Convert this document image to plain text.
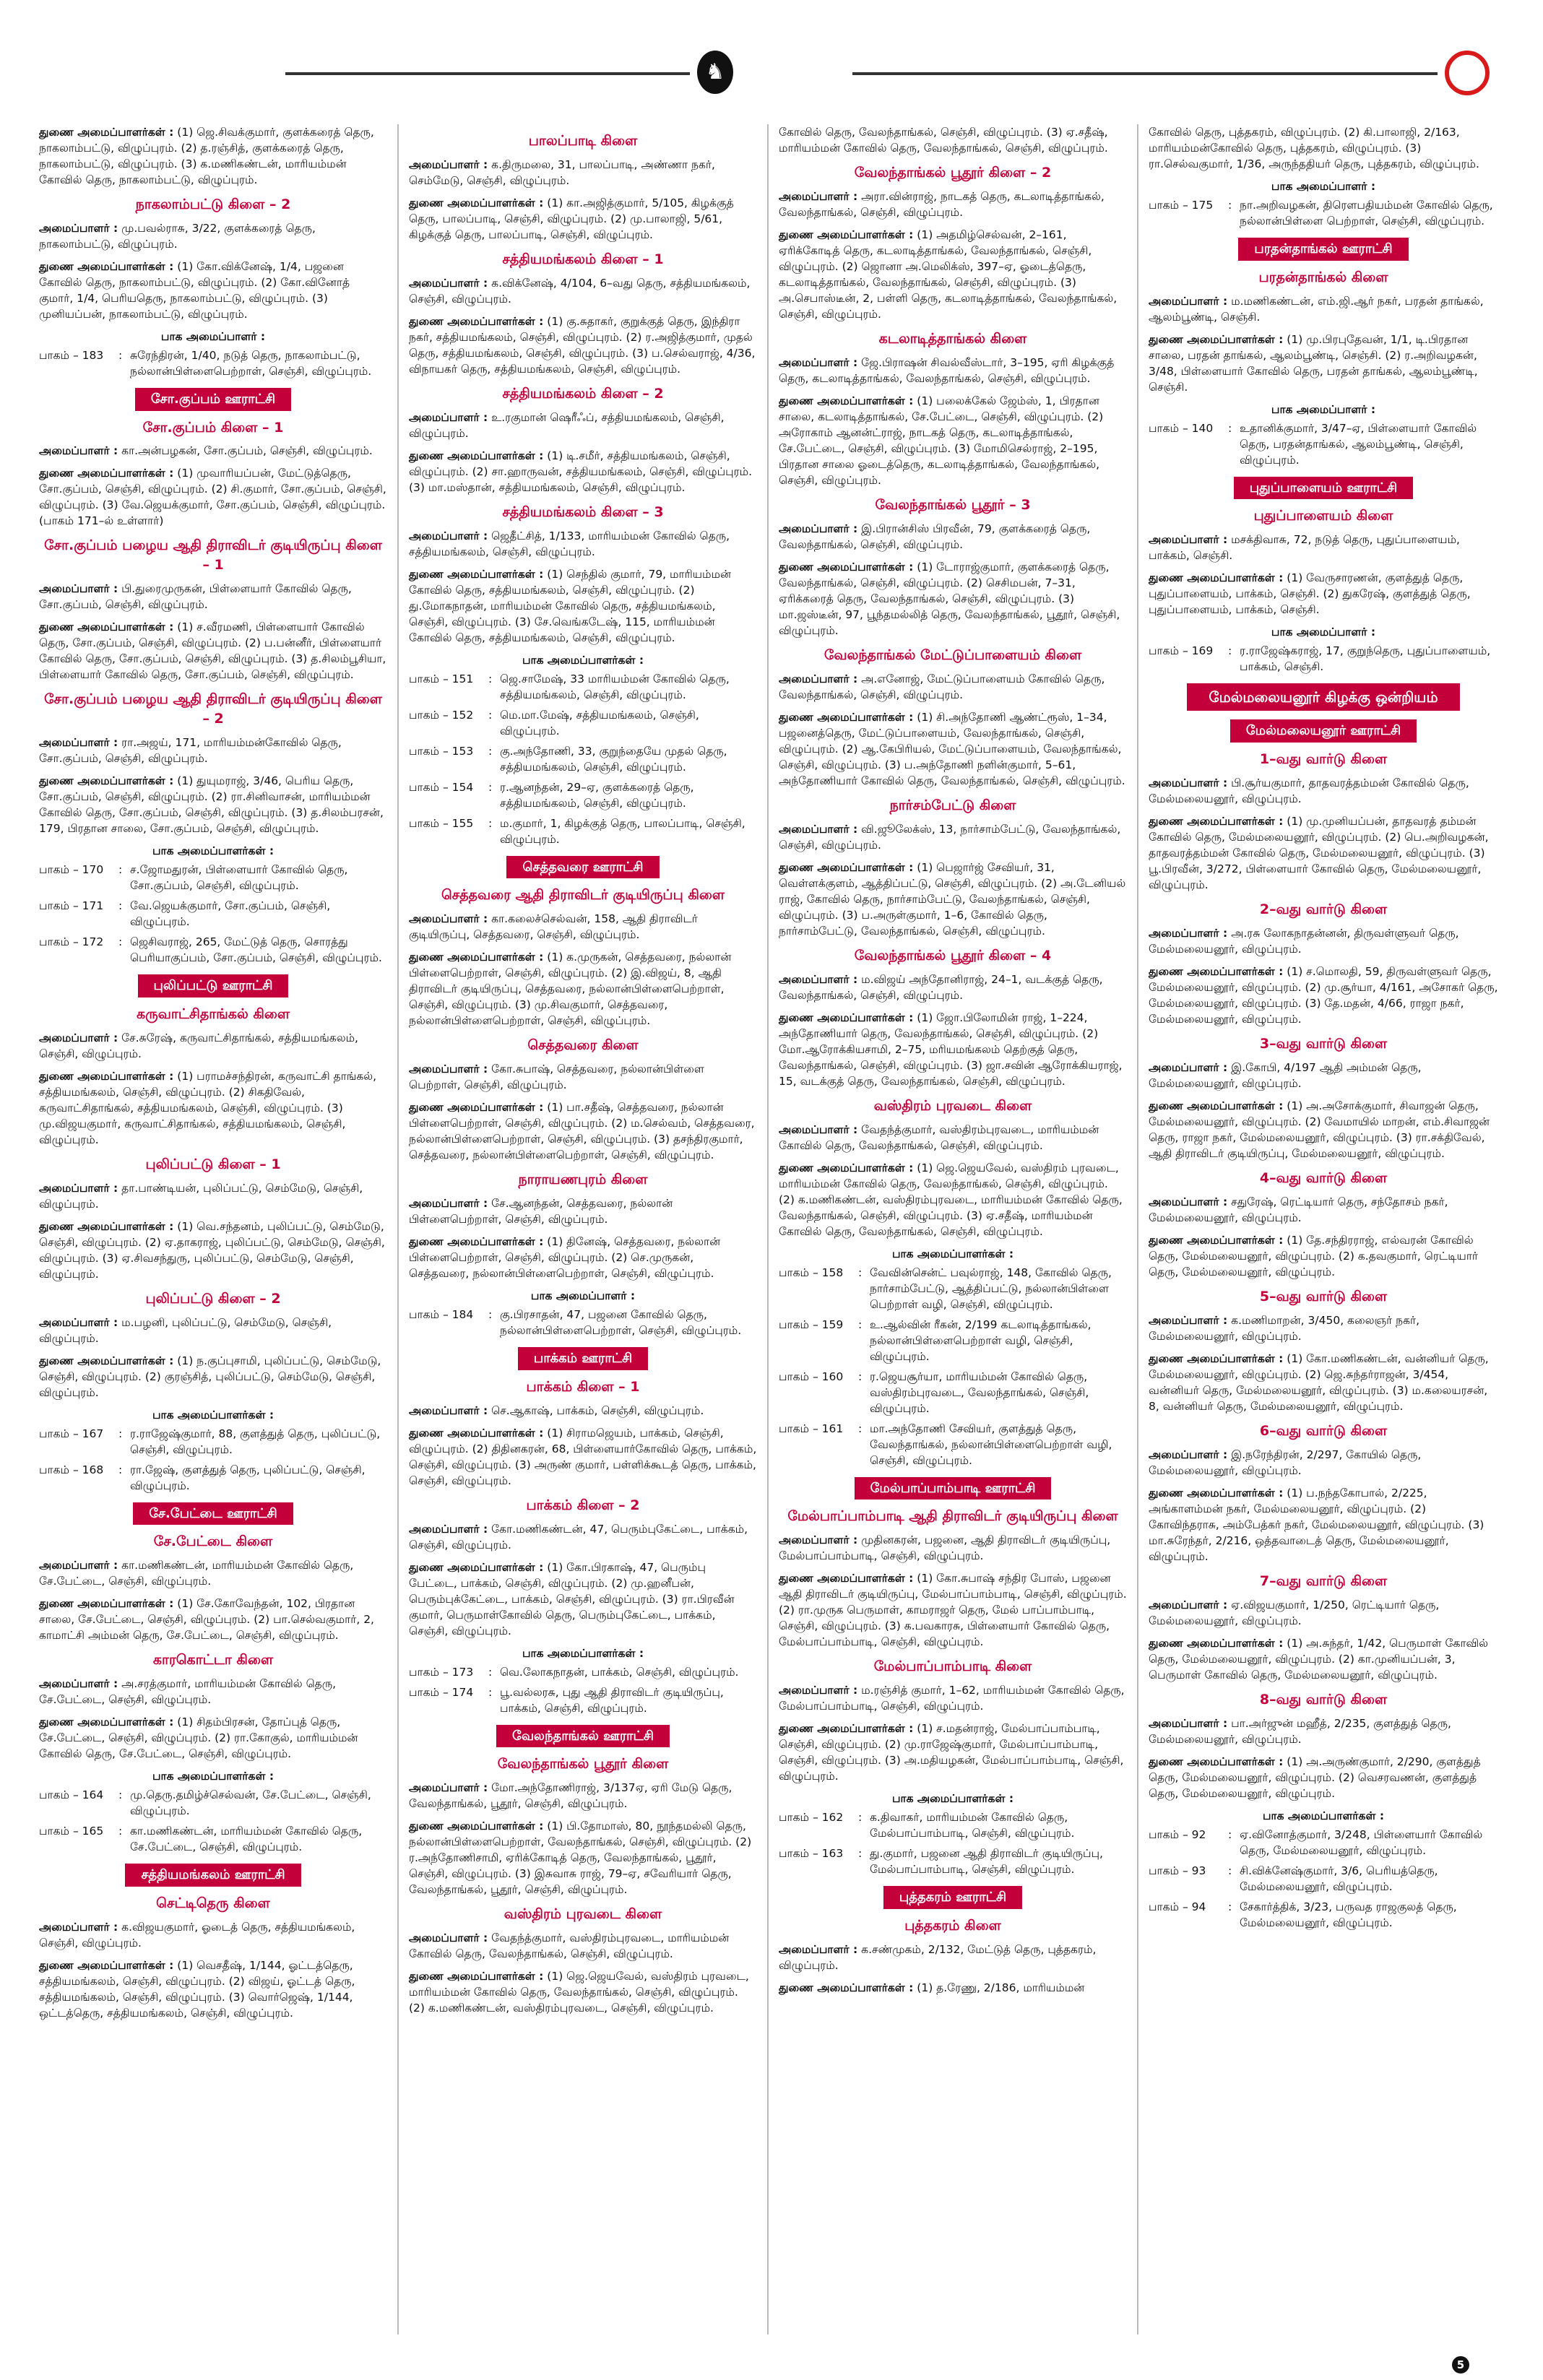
♞
துணை அமைப்பாளர்கள் : (1) ஜெ.சிவக்குமார், குளக்கரைத் தெரு, நாகலாம்பட்டு, விழுப்புரம். (2) த.ரஞ்சித், குளக்கரைத் தெரு, நாகலாம்பட்டு, விழுப்புரம். (3) க.மணிகண்டன், மாரியம்மன் கோவில் தெரு, நாகலாம்பட்டு, விழுப்புரம்.
நாகலாம்பட்டு கிளை – 2
அமைப்பாளர் : மு.பவல்ராசு, 3/22, குளக்கரைத் தெரு, நாகலாம்பட்டு, விழுப்புரம்.
துணை அமைப்பாளர்கள் : (1) கோ.விக்னேஷ், 1/4, பஜனை கோவில் தெரு, நாகலாம்பட்டு, விழுப்புரம். (2) கோ.வினோத் குமார், 1/4, பெரியதெரு, நாகலாம்பட்டு, விழுப்புரம். (3) முனியப்பன், நாகலாம்பட்டு, விழுப்புரம்.
பாக அமைப்பாளர் :
பாகம் – 183	: சுரேந்திரன், 1/40, நடுத் தெரு, நாகலாம்பட்டு, நல்லான்பிள்ளைபெற்றாள், செஞ்சி, விழுப்புரம்.
சோ.குப்பம் ஊராட்சி
சோ.குப்பம் கிளை – 1
அமைப்பாளர் : கா.அன்பழகன், சோ.குப்பம், செஞ்சி, விழுப்புரம்.
துணை அமைப்பாளர்கள் : (1) முவாரியப்பன், மேட்டுத்தெரு, சோ.குப்பம், செஞ்சி, விழுப்புரம். (2) சி.குமார், சோ.குப்பம், செஞ்சி, விழுப்புரம். (3) வே.ஜெயக்குமார், சோ.குப்பம், செஞ்சி, விழுப்புரம். (பாகம் 171–ல் உள்ளார்)
சோ.குப்பம் பழைய ஆதி திராவிடர் குடியிருப்பு கிளை – 1
அமைப்பாளர் : பி.துரைமுருகன், பிள்ளையார் கோவில் தெரு, சோ.குப்பம், செஞ்சி, விழுப்புரம்.
துணை அமைப்பாளர்கள் : (1) ச.வீரமணி, பிள்ளையார் கோவில் தெரு, சோ.குப்பம், செஞ்சி, விழுப்புரம். (2) ப.பன்னீர், பிள்ளையார் கோவில் தெரு, சோ.குப்பம், செஞ்சி, விழுப்புரம். (3) த.சிலம்பூசியா, பிள்ளையார் கோவில் தெரு, சோ.குப்பம், செஞ்சி, விழுப்புரம்.
சோ.குப்பம் பழைய ஆதி திராவிடர் குடியிருப்பு கிளை – 2
அமைப்பாளர் : ரா.அஜய், 171, மாரியம்மன்கோவில் தெரு, சோ.குப்பம், செஞ்சி, விழுப்புரம்.
துணை அமைப்பாளர்கள் : (1) துயுமராஜ், 3/46, பெரிய தெரு, சோ.குப்பம், செஞ்சி, விழுப்புரம். (2) ரா.சினிவாசன், மாரியம்மன் கோவில் தெரு, சோ.குப்பம், செஞ்சி, விழுப்புரம். (3) த.சிலம்பரசன், 179, பிரதான சாலை, சோ.குப்பம், செஞ்சி, விழுப்புரம்.
பாக அமைப்பாளர்கள் :
பாகம் – 170	: ச.ஜோமதுரன், பிள்ளையார் கோவில் தெரு, சோ.குப்பம், செஞ்சி, விழுப்புரம்.
பாகம் – 171	: வே.ஜெயக்குமார், சோ.குப்பம், செஞ்சி, விழுப்புரம்.
பாகம் – 172	: ஜெசிவராஜ், 265, மேட்டுத் தெரு, சொரத்து பெரியாகுப்பம், சோ.குப்பம், செஞ்சி, விழுப்புரம்.
புலிப்பட்டு ஊராட்சி
கருவாட்சிதாங்கல் கிளை
அமைப்பாளர் : சே.சுரேஷ், கருவாட்சிதாங்கல், சத்தியமங்கலம், செஞ்சி, விழுப்புரம்.
துணை அமைப்பாளர்கள் : (1) பராமச்சந்திரன், கருவாட்சி தாங்கல், சத்தியமங்கலம், செஞ்சி, விழுப்புரம். (2) சிகதிவேல், கருவாட்சிதாங்கல், சத்தியமங்கலம், செஞ்சி, விழுப்புரம். (3) மு.விஜயகுமார், கருவாட்சிதாங்கல், சத்தியமங்கலம், செஞ்சி, விழுப்புரம்.
புலிப்பட்டு கிளை – 1
அமைப்பாளர் : தா.பாண்டியன், புலிப்பட்டு, செம்மேடு, செஞ்சி, விழுப்புரம்.
துணை அமைப்பாளர்கள் : (1) வெ.சந்தனம், புலிப்பட்டு, செம்மேடு, செஞ்சி, விழுப்புரம். (2) ஏ.தாகராஜ், புலிப்பட்டு, செம்மேடு, செஞ்சி, விழுப்புரம். (3) ஏ.சிவசந்துரு, புலிப்பட்டு, செம்மேடு, செஞ்சி, விழுப்புரம்.
புலிப்பட்டு கிளை – 2
அமைப்பாளர் : ம.பழனி, புலிப்பட்டு, செம்மேடு, செஞ்சி, விழுப்புரம்.
துணை அமைப்பாளர்கள் : (1) ந.குப்புசாமி, புலிப்பட்டு, செம்மேடு, செஞ்சி, விழுப்புரம். (2) குரஞ்சித், புலிப்பட்டு, செம்மேடு, செஞ்சி, விழுப்புரம்.
பாக அமைப்பாளர்கள் :
பாகம் – 167	: ர.ராஜேஷ்குமார், 88, குளத்துத் தெரு, புலிப்பட்டு, செஞ்சி, விழுப்புரம்.
பாகம் – 168	: ரா.ஜேஷ், குளத்துத் தெரு, புலிப்பட்டு, செஞ்சி, விழுப்புரம்.
சே.பேட்டை ஊராட்சி
சே.பேட்டை கிளை
அமைப்பாளர் : கா.மணிகண்டன், மாரியம்மன் கோவில் தெரு, சே.பேட்டை, செஞ்சி, விழுப்புரம்.
துணை அமைப்பாளர்கள் : (1) சே.கோவேந்தன், 102, பிரதான சாலை, சே.பேட்டை, செஞ்சி, விழுப்புரம். (2) பா.செல்வகுமார், 2, காமாட்சி அம்மன் தெரு, சே.பேட்டை, செஞ்சி, விழுப்புரம்.
காரகொட்டா கிளை
அமைப்பாளர் : அ.சரத்குமார், மாரியம்மன் கோவில் தெரு, சே.பேட்டை, செஞ்சி, விழுப்புரம்.
துணை அமைப்பாளர்கள் : (1) சிதம்பிரசன், தோப்புத் தெரு, சே.பேட்டை, செஞ்சி, விழுப்புரம். (2) ரா.கோகுல், மாரியம்மன் கோவில் தெரு, சே.பேட்டை, செஞ்சி, விழுப்புரம்.
பாக அமைப்பாளர்கள் :
பாகம் – 164	: மு.தெரு.தமிழ்ச்செல்வன், சே.பேட்டை, செஞ்சி, விழுப்புரம்.
பாகம் – 165	: கா.மணிகண்டன், மாரியம்மன் கோவில் தெரு, சே.பேட்டை, செஞ்சி, விழுப்புரம்.
சத்தியமங்கலம் ஊராட்சி
செட்டிதெரு கிளை
அமைப்பாளர் : க.விஜயகுமார், ஓடைத் தெரு, சத்தியமங்கலம், செஞ்சி, விழுப்புரம்.
துணை அமைப்பாளர்கள் : (1) வெசதீஷ், 1/144, ஓட்டத்தெரு, சத்தியமங்கலம், செஞ்சி, விழுப்புரம். (2) விஜய், ஓட்டத் தெரு, சத்தியமங்கலம், செஞ்சி, விழுப்புரம். (3) வொர்ஜெஷ், 1/144, ஒட்டத்தெரு, சத்தியமங்கலம், செஞ்சி, விழுப்புரம்.
பாலப்பாடி கிளை
அமைப்பாளர் : க.திருமலை, 31, பாலப்பாடி, அண்ணா நகர், செம்மேடு, செஞ்சி, விழுப்புரம்.
துணை அமைப்பாளர்கள் : (1) கா.அஜித்குமார், 5/105, கிழக்குத் தெரு, பாலப்பாடி, செஞ்சி, விழுப்புரம். (2) மு.பாலாஜி, 5/61, கிழக்குத் தெரு, பாலப்பாடி, செஞ்சி, விழுப்புரம்.
சத்தியமங்கலம் கிளை – 1
அமைப்பாளர் : க.விக்னேஷ், 4/104, 6–வது தெரு, சத்தியமங்கலம், செஞ்சி, விழுப்புரம்.
துணை அமைப்பாளர்கள் : (1) கு.சுதாகர், குறுக்குத் தெரு, இந்திரா நகர், சத்தியமங்கலம், செஞ்சி, விழுப்புரம். (2) ர.அஜித்குமார், முதல் தெரு, சத்தியமங்கலம், செஞ்சி, விழுப்புரம். (3) ப.செல்வராஜ், 4/36, விநாயகர் தெரு, சத்தியமங்கலம், செஞ்சி, விழுப்புரம்.
சத்தியமங்கலம் கிளை – 2
அமைப்பாளர் : உ.ரகுமான் ஷெரீஃப், சத்தியமங்கலம், செஞ்சி, விழுப்புரம்.
துணை அமைப்பாளர்கள் : (1) டி.சமீர், சத்தியமங்கலம், செஞ்சி, விழுப்புரம். (2) சா.ஹாருவன், சத்தியமங்கலம், செஞ்சி, விழுப்புரம். (3) மா.மஸ்தான், சத்தியமங்கலம், செஞ்சி, விழுப்புரம்.
சத்தியமங்கலம் கிளை – 3
அமைப்பாளர் : ஜெதீட்சித், 1/133, மாரியம்மன் கோவில் தெரு, சத்தியமங்கலம், செஞ்சி, விழுப்புரம்.
துணை அமைப்பாளர்கள் : (1) செந்தில் குமார், 79, மாரியம்மன் கோவில் தெரு, சத்தியமங்கலம், செஞ்சி, விழுப்புரம். (2) து.மோகநாதன், மாரியம்மன் கோவில் தெரு, சத்தியமங்கலம், செஞ்சி, விழுப்புரம். (3) சே.வெங்கடேஷ், 115, மாரியம்மன் கோவில் தெரு, சத்தியமங்கலம், செஞ்சி, விழுப்புரம்.
பாக அமைப்பாளர்கள் :
பாகம் – 151	: ஜெ.சாமேஷ், 33 மாரியம்மன் கோவில் தெரு, சத்தியமங்கலம், செஞ்சி, விழுப்புரம்.
பாகம் – 152	: மெ.மா.மேஷ், சத்தியமங்கலம், செஞ்சி, விழுப்புரம்.
பாகம் – 153	: கு.அந்தோணி, 33, குறுந்தையே முதல் தெரு, சத்தியமங்கலம், செஞ்சி, விழுப்புரம்.
பாகம் – 154	: ர.ஆனந்தன், 29–ஏ, குளக்கரைத் தெரு, சத்தியமங்கலம், செஞ்சி, விழுப்புரம்.
பாகம் – 155	: ம.குமார், 1, கிழக்குத் தெரு, பாலப்பாடி, செஞ்சி, விழுப்புரம்.
செத்தவரை ஊராட்சி
செத்தவரை ஆதி திராவிடர் குடியிருப்பு கிளை
அமைப்பாளர் : கா.கலைச்செல்வன், 158, ஆதி திராவிடர் குடியிருப்பு, செத்தவரை, செஞ்சி, விழுப்புரம்.
துணை அமைப்பாளர்கள் : (1) க.முருகன், செத்தவரை, நல்லான் பிள்ளைபெற்றாள், செஞ்சி, விழுப்புரம். (2) இ.விஜய், 8, ஆதி திராவிடர் குடியிருப்பு, செத்தவரை, நல்லான்பிள்ளைபெற்றாள், செஞ்சி, விழுப்புரம். (3) மு.சிவகுமார், செத்தவரை, நல்லான்பிள்ளைபெற்றாள், செஞ்சி, விழுப்புரம்.
செத்தவரை கிளை
அமைப்பாளர் : கோ.சுபாஷ், செத்தவரை, நல்லான்பிள்ளை பெற்றாள், செஞ்சி, விழுப்புரம்.
துணை அமைப்பாளர்கள் : (1) பா.சதீஷ், செத்தவரை, நல்லான் பிள்ளைபெற்றாள், செஞ்சி, விழுப்புரம். (2) ம.செல்வம், செத்தவரை, நல்லான்பிள்ளைபெற்றாள், செஞ்சி, விழுப்புரம். (3) தசந்திரகுமார், செத்தவரை, நல்லான்பிள்ளைபெற்றாள், செஞ்சி, விழுப்புரம்.
நாராயணபுரம் கிளை
அமைப்பாளர் : சே.ஆனந்தன், செத்தவரை, நல்லான் பிள்ளைபெற்றாள், செஞ்சி, விழுப்புரம்.
துணை அமைப்பாளர்கள் : (1) தினேஷ், செத்தவரை, நல்லான் பிள்ளைபெற்றாள், செஞ்சி, விழுப்புரம். (2) செ.முருகன், செத்தவரை, நல்லான்பிள்ளைபெற்றாள், செஞ்சி, விழுப்புரம்.
பாக அமைப்பாளர் :
பாகம் – 184	: கு.பிரசாதன், 47, பஜனை கோவில் தெரு, நல்லான்பிள்ளைபெற்றாள், செஞ்சி, விழுப்புரம்.
பாக்கம் ஊராட்சி
பாக்கம் கிளை – 1
அமைப்பாளர் : செ.ஆகாஷ், பாக்கம், செஞ்சி, விழுப்புரம்.
துணை அமைப்பாளர்கள் : (1) சிராமஜெயம், பாக்கம், செஞ்சி, விழுப்புரம். (2) திதினகரன், 68, பிள்ளையார்கோவில் தெரு, பாக்கம், செஞ்சி, விழுப்புரம். (3) அருண் குமார், பள்ளிக்கூடத் தெரு, பாக்கம், செஞ்சி, விழுப்புரம்.
பாக்கம் கிளை – 2
அமைப்பாளர் : கோ.மணிகண்டன், 47, பெரும்புகேட்டை, பாக்கம், செஞ்சி, விழுப்புரம்.
துணை அமைப்பாளர்கள் : (1) கோ.பிரகாஷ், 47, பெரும்பு பேட்டை, பாக்கம், செஞ்சி, விழுப்புரம். (2) மு.ஹனீபன், பெரும்புக்கேட்டை, பாக்கம், செஞ்சி, விழுப்புரம். (3) ரா.பிரவீன் குமார், பெருமாள்கோவில் தெரு, பெரும்புகேட்டை, பாக்கம், செஞ்சி, விழுப்புரம்.
பாக அமைப்பாளர்கள் :
பாகம் – 173	: வெ.லோகநாதன், பாக்கம், செஞ்சி, விழுப்புரம்.
பாகம் – 174	: பூ.வல்லரசு, புது ஆதி திராவிடர் குடியிருப்பு, பாக்கம், செஞ்சி, விழுப்புரம்.
வேலந்தாங்கல் ஊராட்சி
வேலந்தாங்கல் பூதூர் கிளை
அமைப்பாளர் : மோ.அந்தோணிராஜ், 3/137ஏ, ஏரி மேடு தெரு, வேலந்தாங்கல், பூதூர், செஞ்சி, விழுப்புரம்.
துணை அமைப்பாளர்கள் : (1) பி.தோமாஸ், 80, நூந்தமல்லி தெரு, நல்லான்பிள்ளைபெற்றாள், வேலந்தாங்கல், செஞ்சி, விழுப்புரம். (2) ர.அந்தோணிசாமி, ஏரிக்கோடித் தெரு, வேலந்தாங்கல், பூதூர், செஞ்சி, விழுப்புரம். (3) இசுவாசு ராஜ், 79–ஏ, சவேரியார் தெரு, வேலந்தாங்கல், பூதூர், செஞ்சி, விழுப்புரம்.
வஸ்திரம் புரவடை கிளை
அமைப்பாளர் : வேதந்த்குமார், வஸ்திரம்புரவடை, மாரியம்மன் கோவில் தெரு, வேலந்தாங்கல், செஞ்சி, விழுப்புரம்.
துணை அமைப்பாளர்கள் : (1) ஜெ.ஜெயவேல், வஸ்திரம் புரவடை, மாரியம்மன் கோவில் தெரு, வேலந்தாங்கல், செஞ்சி, விழுப்புரம். (2) க.மணிகண்டன், வஸ்திரம்புரவடை, செஞ்சி, விழுப்புரம்.
கோவில் தெரு, வேலந்தாங்கல், செஞ்சி, விழுப்புரம். (3) ஏ.சதீஷ், மாரியம்மன் கோவில் தெரு, வேலந்தாங்கல், செஞ்சி, விழுப்புரம்.
வேலந்தாங்கல் பூதூர் கிளை – 2
அமைப்பாளர் : அரா.வின்ராஜ், நாடகத் தெரு, கடலாடித்தாங்கல், வேலந்தாங்கல், செஞ்சி, விழுப்புரம்.
துணை அமைப்பாளர்கள் : (1) அதமிழ்செல்வன், 2–161, ஏரிக்கோடித் தெரு, கடலாடித்தாங்கல், வேலந்தாங்கல், செஞ்சி, விழுப்புரம். (2) ஜொனா அ.மெலிக்ஸ், 397–ஏ, ஓடைத்தெரு, கடலாடித்தாங்கல், வேலந்தாங்கல், செஞ்சி, விழுப்புரம். (3) அ.செபாஸ்டீன், 2, பள்ளி தெரு, கடலாடித்தாங்கல், வேலந்தாங்கல், செஞ்சி, விழுப்புரம்.
கடலாடித்தாங்கல் கிளை
அமைப்பாளர் : ஜே.பிராஷன் சிவல்வீஸ்டார், 3–195, ஏரி கிழக்குத் தெரு, கடலாடித்தாங்கல், வேலந்தாங்கல், செஞ்சி, விழுப்புரம்.
துணை அமைப்பாளர்கள் : (1) பலைக்கேல் ஜேம்ஸ், 1, பிரதான சாலை, கடலாடித்தாங்கல், சே.பேட்டை, செஞ்சி, விழுப்புரம். (2) அரோகாம் ஆனன்ட்ராஜ், நாடகத் தெரு, கடலாடித்தாங்கல், சே.பேட்டை, செஞ்சி, விழுப்புரம். (3) மோமிசெல்ராஜ், 2–195, பிரதான சாலை ஓடைத்தெரு, கடலாடித்தாங்கல், வேலந்தாங்கல், செஞ்சி, விழுப்புரம்.
வேலந்தாங்கல் பூதூர் – 3
அமைப்பாளர் : இ.பிரான்சிஸ் பிரவீன், 79, குளக்கரைத் தெரு, வேலந்தாங்கல், செஞ்சி, விழுப்புரம்.
துணை அமைப்பாளர்கள் : (1) டோராஜ்குமார், குளக்கரைத் தெரு, வேலந்தாங்கல், செஞ்சி, விழுப்புரம். (2) செசிமபன், 7–31, ஏரிக்கரைத் தெரு, வேலந்தாங்கல், செஞ்சி, விழுப்புரம். (3) மா.ஜஸ்டீன், 97, பூந்தமல்லித் தெரு, வேலந்தாங்கல், பூதூர், செஞ்சி, விழுப்புரம்.
வேலந்தாங்கல் மேட்டுப்பாளையம் கிளை
அமைப்பாளர் : அ.எனோஜ், மேட்டுப்பாளையம் கோவில் தெரு, வேலந்தாங்கல், செஞ்சி, விழுப்புரம்.
துணை அமைப்பாளர்கள் : (1) சி.அந்தோணி ஆண்ட்ரூஸ், 1–34, பஜனைத்தெரு, மேட்டுப்பாளையம், வேலந்தாங்கல், செஞ்சி, விழுப்புரம். (2) ஆ.கேபிரியல், மேட்டுப்பாளையம், வேலந்தாங்கல், செஞ்சி, விழுப்புரம். (3) ப.அந்தோணி நளின்குமார், 5–61, அந்தோணியார் கோவில் தெரு, வேலந்தாங்கல், செஞ்சி, விழுப்புரம்.
நார்சம்பேட்டு கிளை
அமைப்பாளர் : வி.ஜூலேக்ஸ், 13, நார்சாம்பேட்டு, வேலந்தாங்கல், செஞ்சி, விழுப்புரம்.
துணை அமைப்பாளர்கள் : (1) பெஜார்ஜ் சேவியர், 31, வெள்ளக்குளம், ஆத்திப்பட்டு, செஞ்சி, விழுப்புரம். (2) அ.டேனியல் ராஜ், கோவில் தெரு, நார்சாம்பேட்டு, வேலந்தாங்கல், செஞ்சி, விழுப்புரம். (3) ப.அருள்குமார், 1–6, கோவில் தெரு, நார்சாம்பேட்டு, வேலந்தாங்கல், செஞ்சி, விழுப்புரம்.
வேலந்தாங்கல் பூதூர் கிளை – 4
அமைப்பாளர் : ம.விஜய் அந்தோனிராஜ், 24–1, வடக்குத் தெரு, வேலந்தாங்கல், செஞ்சி, விழுப்புரம்.
துணை அமைப்பாளர்கள் : (1) ஜோ.பிலோமின் ராஜ், 1–224, அந்தோணியார் தெரு, வேலந்தாங்கல், செஞ்சி, விழுப்புரம். (2) மோ.ஆரோக்கியசாமி, 2–75, மரியமங்கலம் தெற்குத் தெரு, வேலந்தாங்கல், செஞ்சி, விழுப்புரம். (3) ஜா.சவின் ஆரோக்கியராஜ், 15, வடக்குத் தெரு, வேலந்தாங்கல், செஞ்சி, விழுப்புரம்.
வஸ்திரம் புரவடை கிளை
அமைப்பாளர் : வேதந்த்குமார், வஸ்திரம்புரவடை, மாரியம்மன் கோவில் தெரு, வேலந்தாங்கல், செஞ்சி, விழுப்புரம்.
துணை அமைப்பாளர்கள் : (1) ஜெ.ஜெயவேல், வஸ்திரம் புரவடை, மாரியம்மன் கோவில் தெரு, வேலந்தாங்கல், செஞ்சி, விழுப்புரம். (2) க.மணிகண்டன், வஸ்திரம்புரவடை, மாரியம்மன் கோவில் தெரு, வேலந்தாங்கல், செஞ்சி, விழுப்புரம். (3) ஏ.சதீஷ், மாரியம்மன் கோவில் தெரு, வேலந்தாங்கல், செஞ்சி, விழுப்புரம்.
பாக அமைப்பாளர்கள் :
பாகம் – 158	: வேவின்சென்ட் பவுல்ராஜ், 148, கோவில் தெரு, நார்சாம்பேட்டு, ஆத்திப்பட்டு, நல்லான்பிள்ளை பெற்றாள் வழி, செஞ்சி, விழுப்புரம்.
பாகம் – 159	: உ.ஆல்வின் ரீகன், 2/199 கடலாடித்தாங்கல், நல்லான்பிள்ளைபெற்றாள் வழி, செஞ்சி, விழுப்புரம்.
பாகம் – 160	: ர.ஜெயசூர்யா, மாரியம்மன் கோவில் தெரு, வஸ்திரம்புரவடை, வேலந்தாங்கல், செஞ்சி, விழுப்புரம்.
பாகம் – 161	: மா.அந்தோணி சேவியர், குளத்துத் தெரு, வேலந்தாங்கல், நல்லான்பிள்ளைபெற்றாள் வழி, செஞ்சி, விழுப்புரம்.
மேல்பாப்பாம்பாடி ஊராட்சி
மேல்பாப்பாம்பாடி ஆதி திராவிடர் குடியிருப்பு கிளை
அமைப்பாளர் : முதினகரன், பஜனை, ஆதி திராவிடர் குடியிருப்பு, மேல்பாப்பாம்பாடி, செஞ்சி, விழுப்புரம்.
துணை அமைப்பாளர்கள் : (1) கோ.சுபாஷ் சந்திர போஸ், பஜனை ஆதி திராவிடர் குடியிருப்பு, மேல்பாப்பாம்பாடி, செஞ்சி, விழுப்புரம். (2) ரா.முருக பெருமாள், காமராஜர் தெரு, மேல் பாப்பாம்பாடி, செஞ்சி, விழுப்புரம். (3) க.பவகாரசு, பிள்ளையார் கோவில் தெரு, மேல்பாப்பாம்பாடி, செஞ்சி, விழுப்புரம்.
மேல்பாப்பாம்பாடி கிளை
அமைப்பாளர் : ம.ரஞ்சித் குமார், 1–62, மாரியம்மன் கோவில் தெரு, மேல்பாப்பாம்பாடி, செஞ்சி, விழுப்புரம்.
துணை அமைப்பாளர்கள் : (1) ச.மதன்ராஜ், மேல்பாப்பாம்பாடி, செஞ்சி, விழுப்புரம். (2) மு.ராஜேஷ்குமார், மேல்பாப்பாம்பாடி, செஞ்சி, விழுப்புரம். (3) அ.மதியழகன், மேல்பாப்பாம்பாடி, செஞ்சி, விழுப்புரம்.
பாக அமைப்பாளர்கள் :
பாகம் – 162	: க.திவாகர், மாரியம்மன் கோவில் தெரு, மேல்பாப்பாம்பாடி, செஞ்சி, விழுப்புரம்.
பாகம் – 163	: து.குமார், பஜனை ஆதி திராவிடர் குடியிருப்பு, மேல்பாப்பாம்பாடி, செஞ்சி, விழுப்புரம்.
புத்தகரம் ஊராட்சி
புத்தகரம் கிளை
அமைப்பாளர் : க.சண்முகம், 2/132, மேட்டுத் தெரு, புத்தகரம், விழுப்புரம்.
துணை அமைப்பாளர்கள் : (1) த.ரேணு, 2/186, மாரியம்மன்
கோவில் தெரு, புத்தகரம், விழுப்புரம். (2) கி.பாலாஜி, 2/163, மாரியம்மன்கோவில் தெரு, புத்தகரம், விழுப்புரம். (3) ரா.செல்வகுமார், 1/36, அருந்ததியர் தெரு, புத்தகரம், விழுப்புரம்.
பாக அமைப்பாளர் :
பாகம் – 175	: நா.அறிவழகன், திரௌபதியம்மன் கோவில் தெரு, நல்லான்பிள்ளை பெற்றாள், செஞ்சி, விழுப்புரம்.
பரதன்தாங்கல் ஊராட்சி
பரதன்தாங்கல் கிளை
அமைப்பாளர் : ம.மணிகண்டன், எம்.ஜி.ஆர் நகர், பரதன் தாங்கல், ஆலம்பூண்டி, செஞ்சி.
துணை அமைப்பாளர்கள் : (1) மு.பிரபுதேவன், 1/1, டி.பிரதான சாலை, பரதன் தாங்கல், ஆலம்பூண்டி, செஞ்சி. (2) ர.அறிவழகன், 3/48, பிள்ளையார் கோவில் தெரு, பரதன் தாங்கல், ஆலம்பூண்டி, செஞ்சி.
பாக அமைப்பாளர் :
பாகம் – 140	: உதானிக்குமார், 3/47–ஏ, பிள்ளையார் கோவில் தெரு, பரதன்தாங்கல், ஆலம்பூண்டி, செஞ்சி, விழுப்புரம்.
புதுப்பாளையம் ஊராட்சி
புதுப்பாளையம் கிளை
அமைப்பாளர் : மசக்திவாசு, 72, நடுத் தெரு, புதுப்பாளையம், பாக்கம், செஞ்சி.
துணை அமைப்பாளர்கள் : (1) வேருசாரணன், குளத்துத் தெரு, புதுப்பாளையம், பாக்கம், செஞ்சி. (2) துகரேஷ், குளத்துத் தெரு, புதுப்பாளையம், பாக்கம், செஞ்சி.
பாக அமைப்பாளர் :
பாகம் – 169	: ர.ராஜேஷ்கராஜ், 17, குறுந்தெரு, புதுப்பாளையம், பாக்கம், செஞ்சி.
மேல்மலையனூர் கிழக்கு ஒன்றியம்
மேல்மலையனூர் ஊராட்சி
1–வது வார்டு கிளை
அமைப்பாளர் : பி.சூர்யகுமார், தாதவரத்தம்மன் கோவில் தெரு, மேல்மலையனூர், விழுப்புரம்.
துணை அமைப்பாளர்கள் : (1) மு.முனியப்பன், தாதவரத் தம்மன் கோவில் தெரு, மேல்மலையனூர், விழுப்புரம். (2) பெ.அறிவழகன், தாதவரத்தம்மன் கோவில் தெரு, மேல்மலையனூர், விழுப்புரம். (3) பூ.பிரவீன், 3/272, பிள்ளையார் கோவில் தெரு, மேல்மலையனூர், விழுப்புரம்.
2–வது வார்டு கிளை
அமைப்பாளர் : அ.ரசு லோகநாதன்னன், திருவள்ளுவர் தெரு, மேல்மலையனூர், விழுப்புரம்.
துணை அமைப்பாளர்கள் : (1) ச.மொலதி, 59, திருவள்ளுவர் தெரு, மேல்மலையனூர், விழுப்புரம். (2) மு.சூர்யா, 4/161, அசோகர் தெரு, மேல்மலையனூர், விழுப்புரம். (3) தே.மதன், 4/66, ராஜா நகர், மேல்மலையனூர், விழுப்புரம்.
3–வது வார்டு கிளை
அமைப்பாளர் : இ.கோபி, 4/197 ஆதி அம்மன் தெரு, மேல்மலையனூர், விழுப்புரம்.
துணை அமைப்பாளர்கள் : (1) அ.அசோக்குமார், சிவாஜன் தெரு, மேல்மலையனூர், விழுப்புரம். (2) வேமாயில் மாறன், எம்.சிவாஜன் தெரு, ராஜா நகர், மேல்மலையனூர், விழுப்புரம். (3) ரா.சக்திவேல், ஆதி திராவிடர் குடியிருப்பு, மேல்மலையனூர், விழுப்புரம்.
4–வது வார்டு கிளை
அமைப்பாளர் : சதுரேஷ், ரெட்டியார் தெரு, சந்தோசம் நகர், மேல்மலையனூர், விழுப்புரம்.
துணை அமைப்பாளர்கள் : (1) தே.சந்திரராஜ், எல்வரன் கோவில் தெரு, மேல்மலையனூர், விழுப்புரம். (2) க.தவகுமார், ரெட்டியார் தெரு, மேல்மலையனூர், விழுப்புரம்.
5–வது வார்டு கிளை
அமைப்பாளர் : க.மணிமாறன், 3/450, கலைஞர் நகர், மேல்மலையனூர், விழுப்புரம்.
துணை அமைப்பாளர்கள் : (1) கோ.மணிகண்டன், வன்னியர் தெரு, மேல்மலையனூர், விழுப்புரம். (2) ஜெ.சுந்தர்ராஜன், 3/454, வன்னியர் தெரு, மேல்மலையனூர், விழுப்புரம். (3) ம.கலையரசன், 8, வன்னியர் தெரு, மேல்மலையனூர், விழுப்புரம்.
6–வது வார்டு கிளை
அமைப்பாளர் : இ.நரேந்திரன், 2/297, கோயில் தெரு, மேல்மலையனூர், விழுப்புரம்.
துணை அமைப்பாளர்கள் : (1) ப.நந்தகோபால், 2/225, அங்காளம்மன் நகர், மேல்மலையனூர், விழுப்புரம். (2) கோவிந்தராசு, அம்பேத்கர் நகர், மேல்மலையனூர், விழுப்புரம். (3) மா.சுரேந்தர், 2/216, ஒத்தவாடைத் தெரு, மேல்மலையனூர், விழுப்புரம்.
7–வது வார்டு கிளை
அமைப்பாளர் : ஏ.விஜயகுமார், 1/250, ரெட்டியார் தெரு, மேல்மலையனூர், விழுப்புரம்.
துணை அமைப்பாளர்கள் : (1) அ.சுந்தர், 1/42, பெருமாள் கோவில் தெரு, மேல்மலையனூர், விழுப்புரம். (2) கா.முனியப்பன், 3, பெருமாள் கோவில் தெரு, மேல்மலையனூர், விழுப்புரம்.
8–வது வார்டு கிளை
அமைப்பாளர் : பா.அர்ஜுன் மஹீத், 2/235, குளத்துத் தெரு, மேல்மலையனூர், விழுப்புரம்.
துணை அமைப்பாளர்கள் : (1) அ.அருண்குமார், 2/290, குளத்துத் தெரு, மேல்மலையனூர், விழுப்புரம். (2) வெசரவணன், குளத்துத் தெரு, மேல்மலையனூர், விழுப்புரம்.
பாக அமைப்பாளர்கள் :
பாகம் – 92	: ஏ.வினோத்குமார், 3/248, பிள்ளையார் கோவில் தெரு, மேல்மலையனூர், விழுப்புரம்.
பாகம் – 93	: சி.விக்னேஷ்குமார், 3/6, பெரியத்தெரு, மேல்மலையனூர், விழுப்புரம்.
பாகம் – 94	: சேகார்த்திக், 3/23, பருவத ராஜகுலத் தெரு, மேல்மலையனூர், விழுப்புரம்.
5
